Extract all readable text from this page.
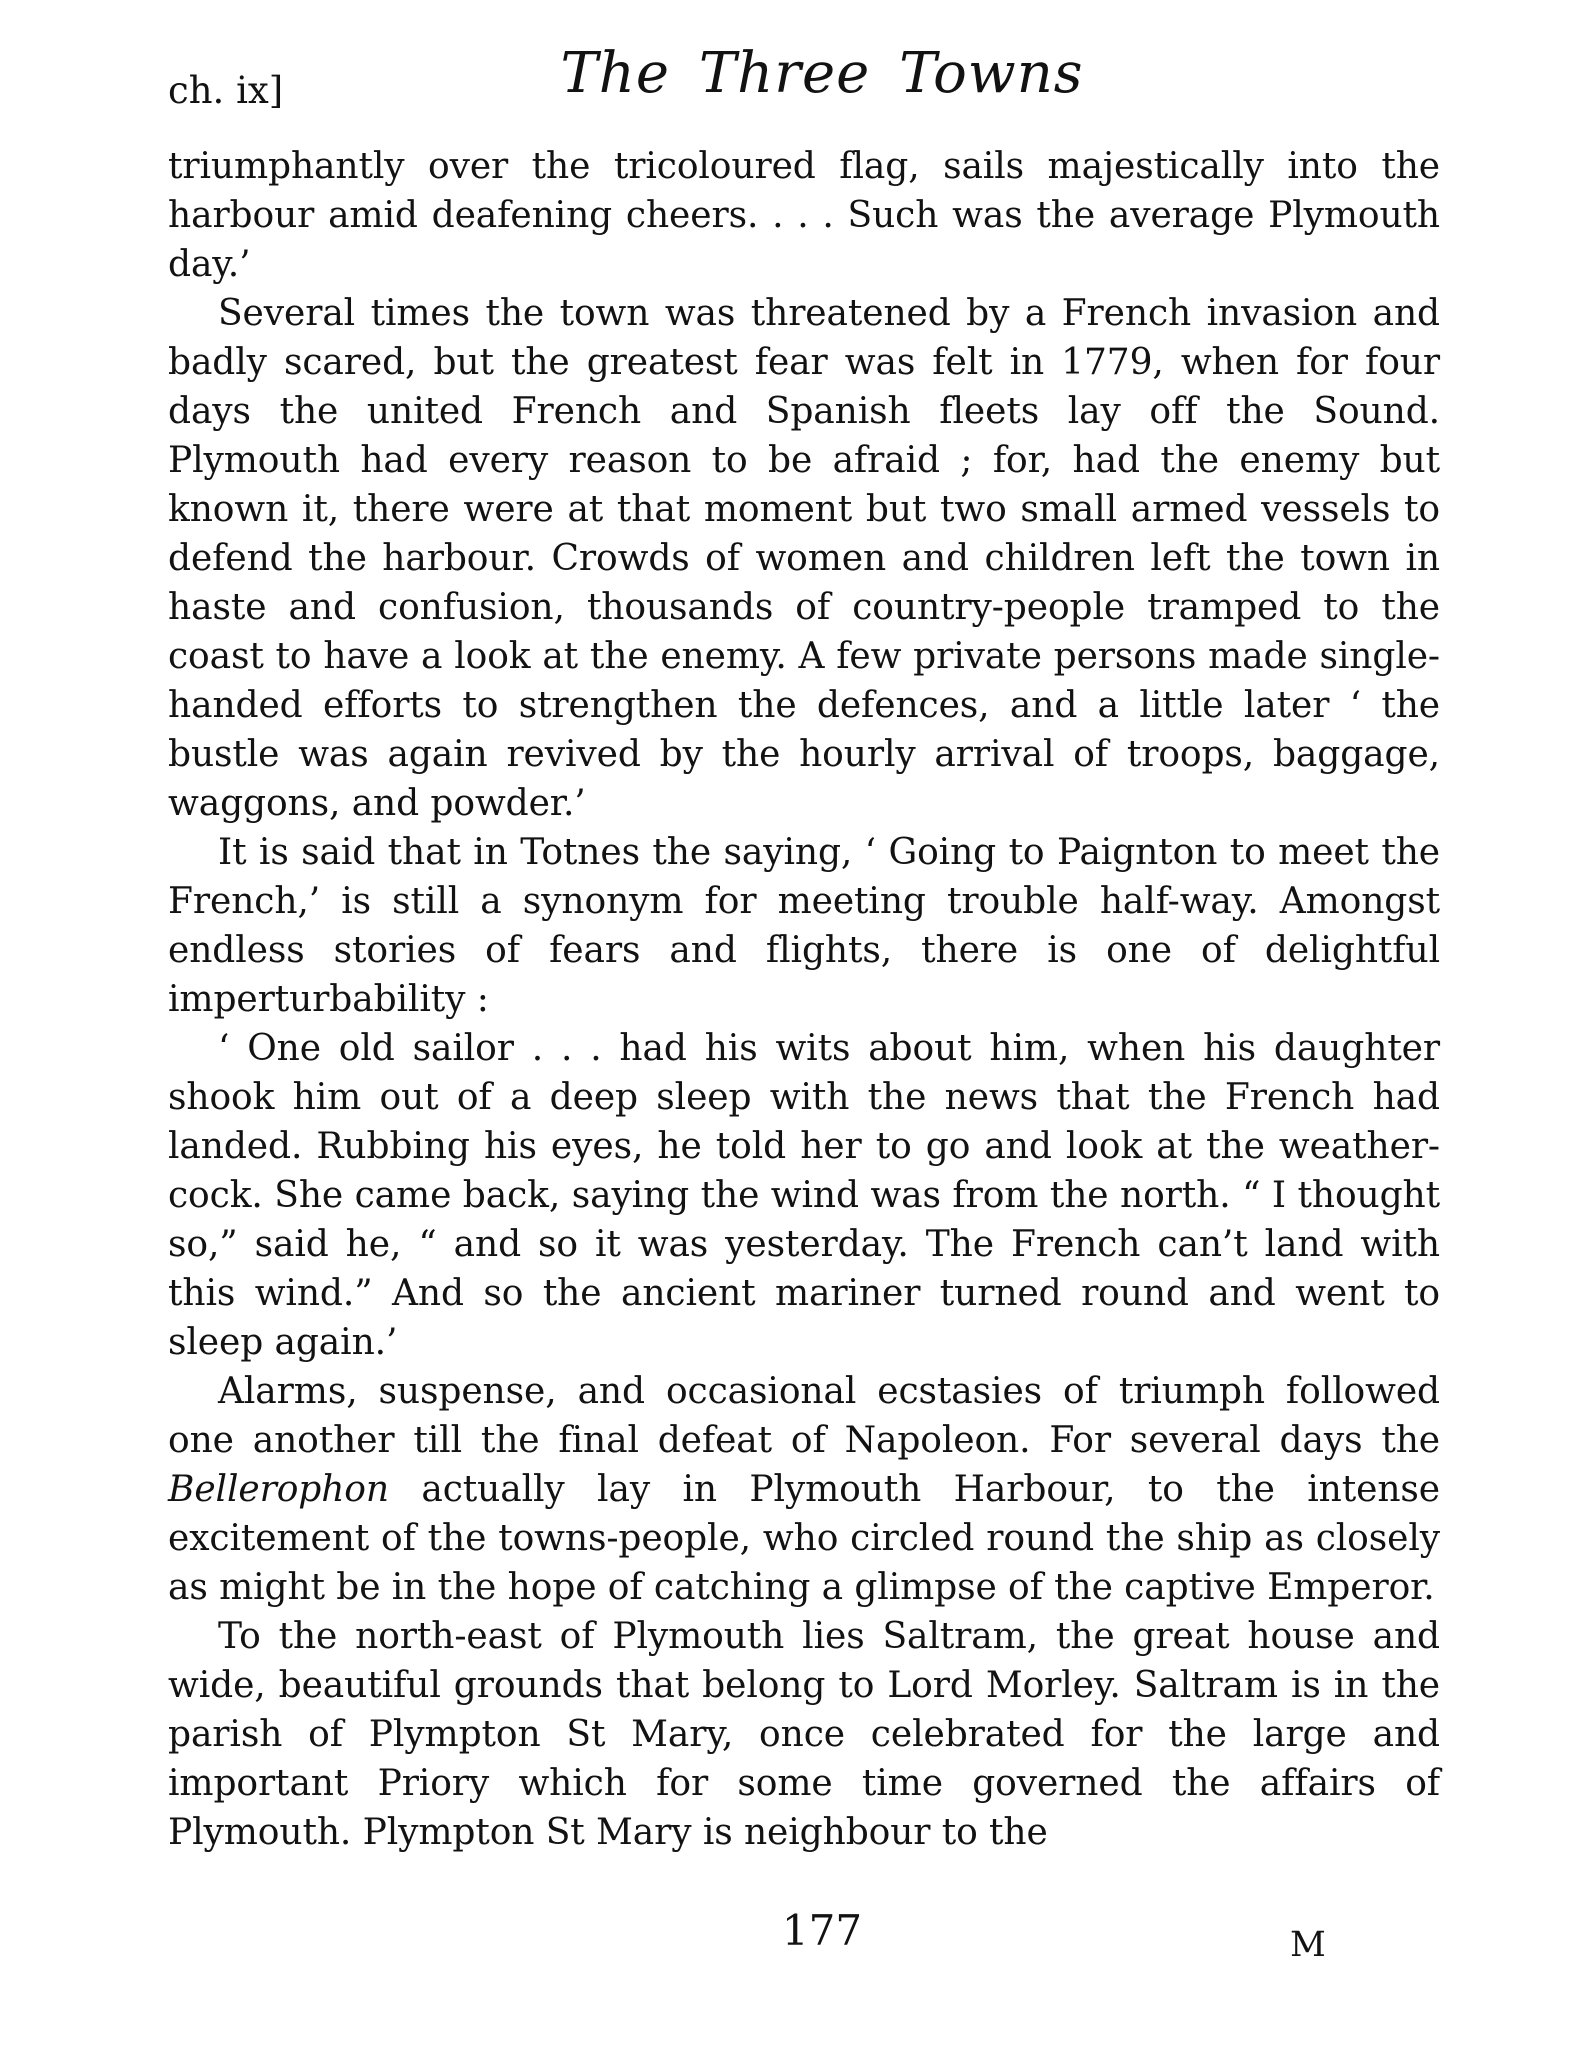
ch. ix]	The Three Towns

triumphantly over the tricoloured flag, sails majestically into the harbour amid deafening cheers. . . . Such was the average Plymouth day.’

Several times the town was threatened by a French invasion and badly scared, but the greatest fear was felt in 1779, when for four days the united French and Spanish fleets lay off the Sound. Plymouth had every reason to be afraid ; for, had the enemy but known it, there were at that moment but two small armed vessels to defend the harbour. Crowds of women and children left the town in haste and confusion, thousands of country-people tramped to the coast to have a look at the enemy. A few private persons made single-handed efforts to strengthen the defences, and a little later ‘ the bustle was again revived by the hourly arrival of troops, baggage, waggons, and powder.’

It is said that in Totnes the saying, ‘ Going to Paignton to meet the French,’ is still a synonym for meeting trouble half-way. Amongst endless stories of fears and flights, there is one of delightful imperturbability :

‘ One old sailor . . . had his wits about him, when his daughter shook him out of a deep sleep with the news that the French had landed. Rubbing his eyes, he told her to go and look at the weather-cock. She came back, saying the wind was from the north. “ I thought so,” said he, “ and so it was yesterday. The French can’t land with this wind.” And so the ancient mariner turned round and went to sleep again.’

Alarms, suspense, and occasional ecstasies of triumph followed one another till the final defeat of Napoleon. For several days the Bellerophon actually lay in Plymouth Harbour, to the intense excitement of the towns-people, who circled round the ship as closely as might be in the hope of catching a glimpse of the captive Emperor.

To the north-east of Plymouth lies Saltram, the great house and wide, beautiful grounds that belong to Lord Morley. Saltram is in the parish of Plympton St Mary, once celebrated for the large and important Priory which for some time governed the affairs of Plymouth. Plympton St Mary is neighbour to the

177	M
